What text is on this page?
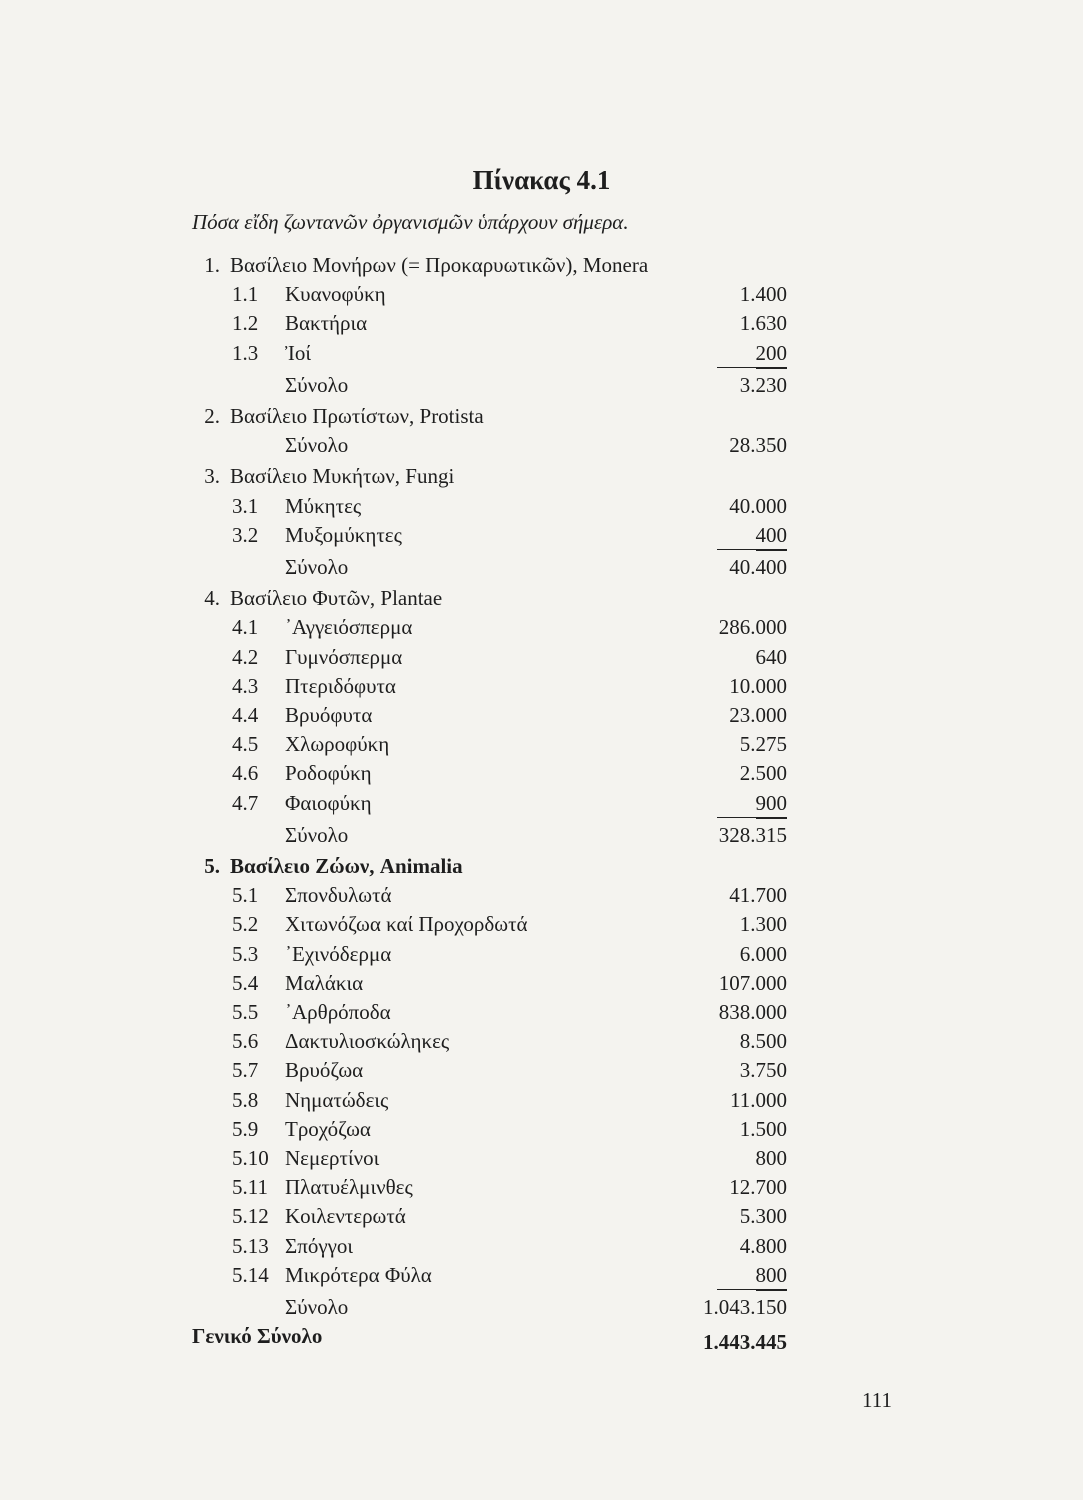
Πίνακας 4.1
Πόσα εἴδη ζωντανῶν ὀργανισμῶν ὑπάρχουν σήμερα.
1. Βασίλειο Μονήρων (= Προκαρυωτικῶν), Monera
1.1 Κυανοφύκη	1.400
1.2 Βακτήρια	1.630
1.3 Ἰοί	200
Σύνολο	3.230
2. Βασίλειο Πρωτίστων, Protista
Σύνολο	28.350
3. Βασίλειο Μυκήτων, Fungi
3.1 Μύκητες	40.000
3.2 Μυξομύκητες	400
Σύνολο	40.400
4. Βασίλειο Φυτῶν, Plantae
4.1 ᾿Αγγειόσπερμα	286.000
4.2 Γυμνόσπερμα	640
4.3 Πτεριδόφυτα	10.000
4.4 Βρυόφυτα	23.000
4.5 Χλωροφύκη	5.275
4.6 Ροδοφύκη	2.500
4.7 Φαιοφύκη	900
Σύνολο	328.315
5. Βασίλειο Ζώων, Animalia
5.1 Σπονδυλωτά	41.700
5.2 Χιτωνόζωα καί Προχορδωτά	1.300
5.3 ᾿Εχινόδερμα	6.000
5.4 Μαλάκια	107.000
5.5 ᾿Αρθρόποδα	838.000
5.6 Δακτυλιοσκώληκες	8.500
5.7 Βρυόζωα	3.750
5.8 Νηματώδεις	11.000
5.9 Τροχόζωα	1.500
5.10 Νεμερτίνοι	800
5.11 Πλατυέλμινθες	12.700
5.12 Κοιλεντερωτά	5.300
5.13 Σπόγγοι	4.800
5.14 Μικρότερα Φύλα	800
Σύνολο	1.043.150
Γενικό Σύνολο	1.443.445
111
